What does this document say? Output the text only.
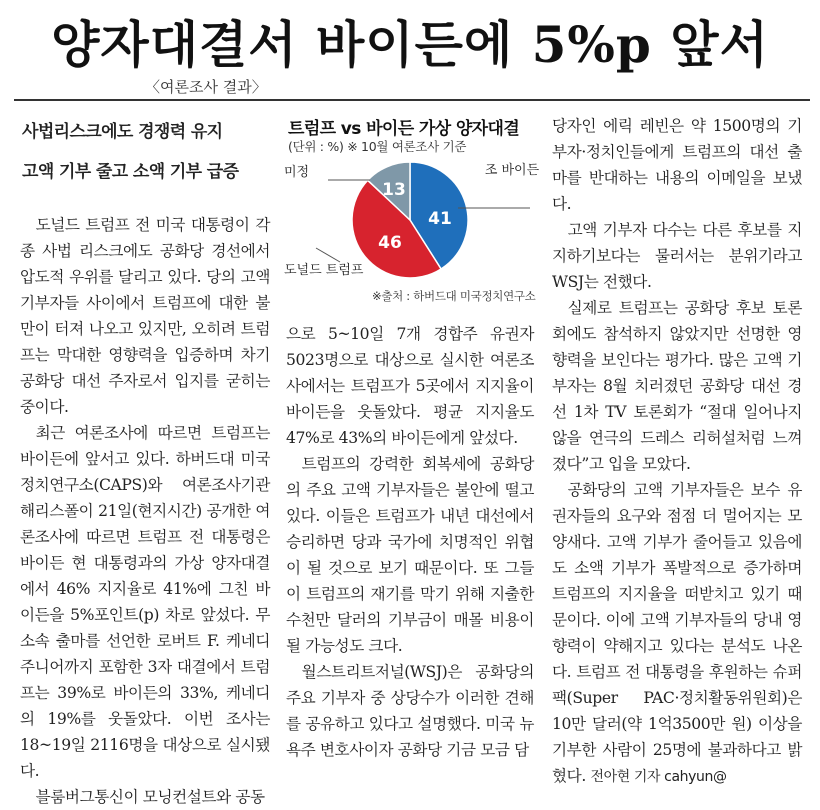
양자대결서 바이든에 5%p 앞서
〈여론조사 결과〉
사법리스크에도 경쟁력 유지
고액 기부 줄고 소액 기부 급증

도널드 트럼프 전 미국 대통령이 각종 사법 리스크에도 공화당 경선에서 압도적 우위를 달리고 있다. 당의 고액 기부자들 사이에서 트럼프에 대한 불만이 터져 나오고 있지만, 오히려 트럼프는 막대한 영향력을 입증하며 차기 공화당 대선 주자로서 입지를 굳히는 중이다.

최근 여론조사에 따르면 트럼프는 바이든에 앞서고 있다. 하버드대 미국정치연구소(CAPS)와 여론조사기관 해리스폴이 21일(현지시간) 공개한 여론조사에 따르면 트럼프 전 대통령은 바이든 현 대통령과의 가상 양자대결에서 46% 지지율로 41%에 그친 바이든을 5%포인트(p) 차로 앞섰다. 무소속 출마를 선언한 로버트 F. 케네디 주니어까지 포함한 3자 대결에서 트럼프는 39%로 바이든의 33%, 케네디의 19%를 웃돌았다. 이번 조사는 18~19일 2116명을 대상으로 실시됐다.

블룸버그통신이 모닝컨설트와 공동

트럼프 vs 바이든 가상 양자대결
(단위 : %) ※ 10월 여론조사 기준
조 바이든
도널드 트럼프
미정
41
46
13
※출처 : 하버드대 미국정치연구소

으로 5~10일 7개 경합주 유권자 5023명으로 대상으로 실시한 여론조사에서는 트럼프가 5곳에서 지지율이 바이든을 웃돌았다. 평균 지지율도 47%로 43%의 바이든에게 앞섰다.

트럼프의 강력한 회복세에 공화당의 주요 고액 기부자들은 불안에 떨고 있다. 이들은 트럼프가 내년 대선에서 승리하면 당과 국가에 치명적인 위협이 될 것으로 보기 때문이다. 또 그들이 트럼프의 재기를 막기 위해 지출한 수천만 달러의 기부금이 매몰 비용이 될 가능성도 크다.

월스트리트저널(WSJ)은 공화당의 주요 기부자 중 상당수가 이러한 견해를 공유하고 있다고 설명했다. 미국 뉴욕주 변호사이자 공화당 기금 모금 담

당자인 에릭 레빈은 약 1500명의 기부자·정치인들에게 트럼프의 대선 출마를 반대하는 내용의 이메일을 보냈다.

고액 기부자 다수는 다른 후보를 지지하기보다는 물러서는 분위기라고 WSJ는 전했다.

실제로 트럼프는 공화당 후보 토론회에도 참석하지 않았지만 선명한 영향력을 보인다는 평가다. 많은 고액 기부자는 8월 치러졌던 공화당 대선 경선 1차 TV 토론회가 “절대 일어나지 않을 연극의 드레스 리허설처럼 느껴졌다”고 입을 모았다.

공화당의 고액 기부자들은 보수 유권자들의 요구와 점점 더 멀어지는 모양새다. 고액 기부가 줄어들고 있음에도 소액 기부가 폭발적으로 증가하며 트럼프의 지지율을 떠받치고 있기 때문이다. 이에 고액 기부자들의 당내 영향력이 약해지고 있다는 분석도 나온다. 트럼프 전 대통령을 후원하는 슈퍼팩(Super PAC·정치활동위원회)은 10만 달러(약 1억3500만 원) 이상을 기부한 사람이 25명에 불과하다고 밝혔다. 전아현 기자 cahyun@
